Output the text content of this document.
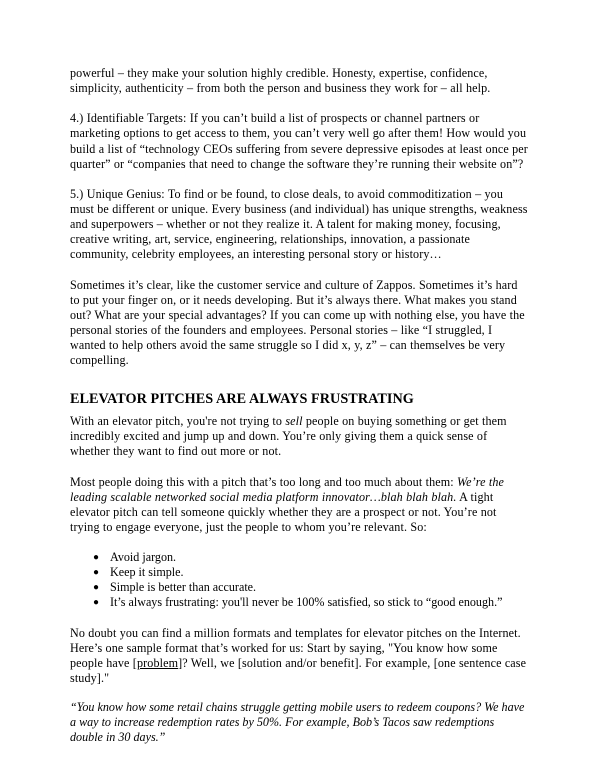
powerful – they make your solution highly credible. Honesty, expertise, confidence, simplicity, authenticity – from both the person and business they work for – all help.

4.) Identifiable Targets: If you can’t build a list of prospects or channel partners or marketing options to get access to them, you can’t very well go after them! How would you build a list of “technology CEOs suffering from severe depressive episodes at least once per quarter” or “companies that need to change the software they’re running their website on”?

5.) Unique Genius: To find or be found, to close deals, to avoid commoditization – you must be different or unique. Every business (and individual) has unique strengths, weakness and superpowers – whether or not they realize it. A talent for making money, focusing, creative writing, art, service, engineering, relationships, innovation, a passionate community, celebrity employees, an interesting personal story or history…

Sometimes it’s clear, like the customer service and culture of Zappos. Sometimes it’s hard to put your finger on, or it needs developing. But it’s always there. What makes you stand out? What are your special advantages? If you can come up with nothing else, you have the personal stories of the founders and employees. Personal stories – like “I struggled, I wanted to help others avoid the same struggle so I did x, y, z” – can themselves be very compelling.

ELEVATOR PITCHES ARE ALWAYS FRUSTRATING

With an elevator pitch, you're not trying to sell people on buying something or get them incredibly excited and jump up and down. You’re only giving them a quick sense of whether they want to find out more or not.

Most people doing this with a pitch that’s too long and too much about them: We’re the leading scalable networked social media platform innovator…blah blah blah. A tight elevator pitch can tell someone quickly whether they are a prospect or not. You’re not trying to engage everyone, just the people to whom you’re relevant. So:

● Avoid jargon.
● Keep it simple.
● Simple is better than accurate.
● It’s always frustrating: you'll never be 100% satisfied, so stick to “good enough.”

No doubt you can find a million formats and templates for elevator pitches on the Internet. Here’s one sample format that’s worked for us: Start by saying, "You know how some people have [problem]? Well, we [solution and/or benefit]. For example, [one sentence case study]."

“You know how some retail chains struggle getting mobile users to redeem coupons? We have a way to increase redemption rates by 50%. For example, Bob’s Tacos saw redemptions double in 30 days.”
